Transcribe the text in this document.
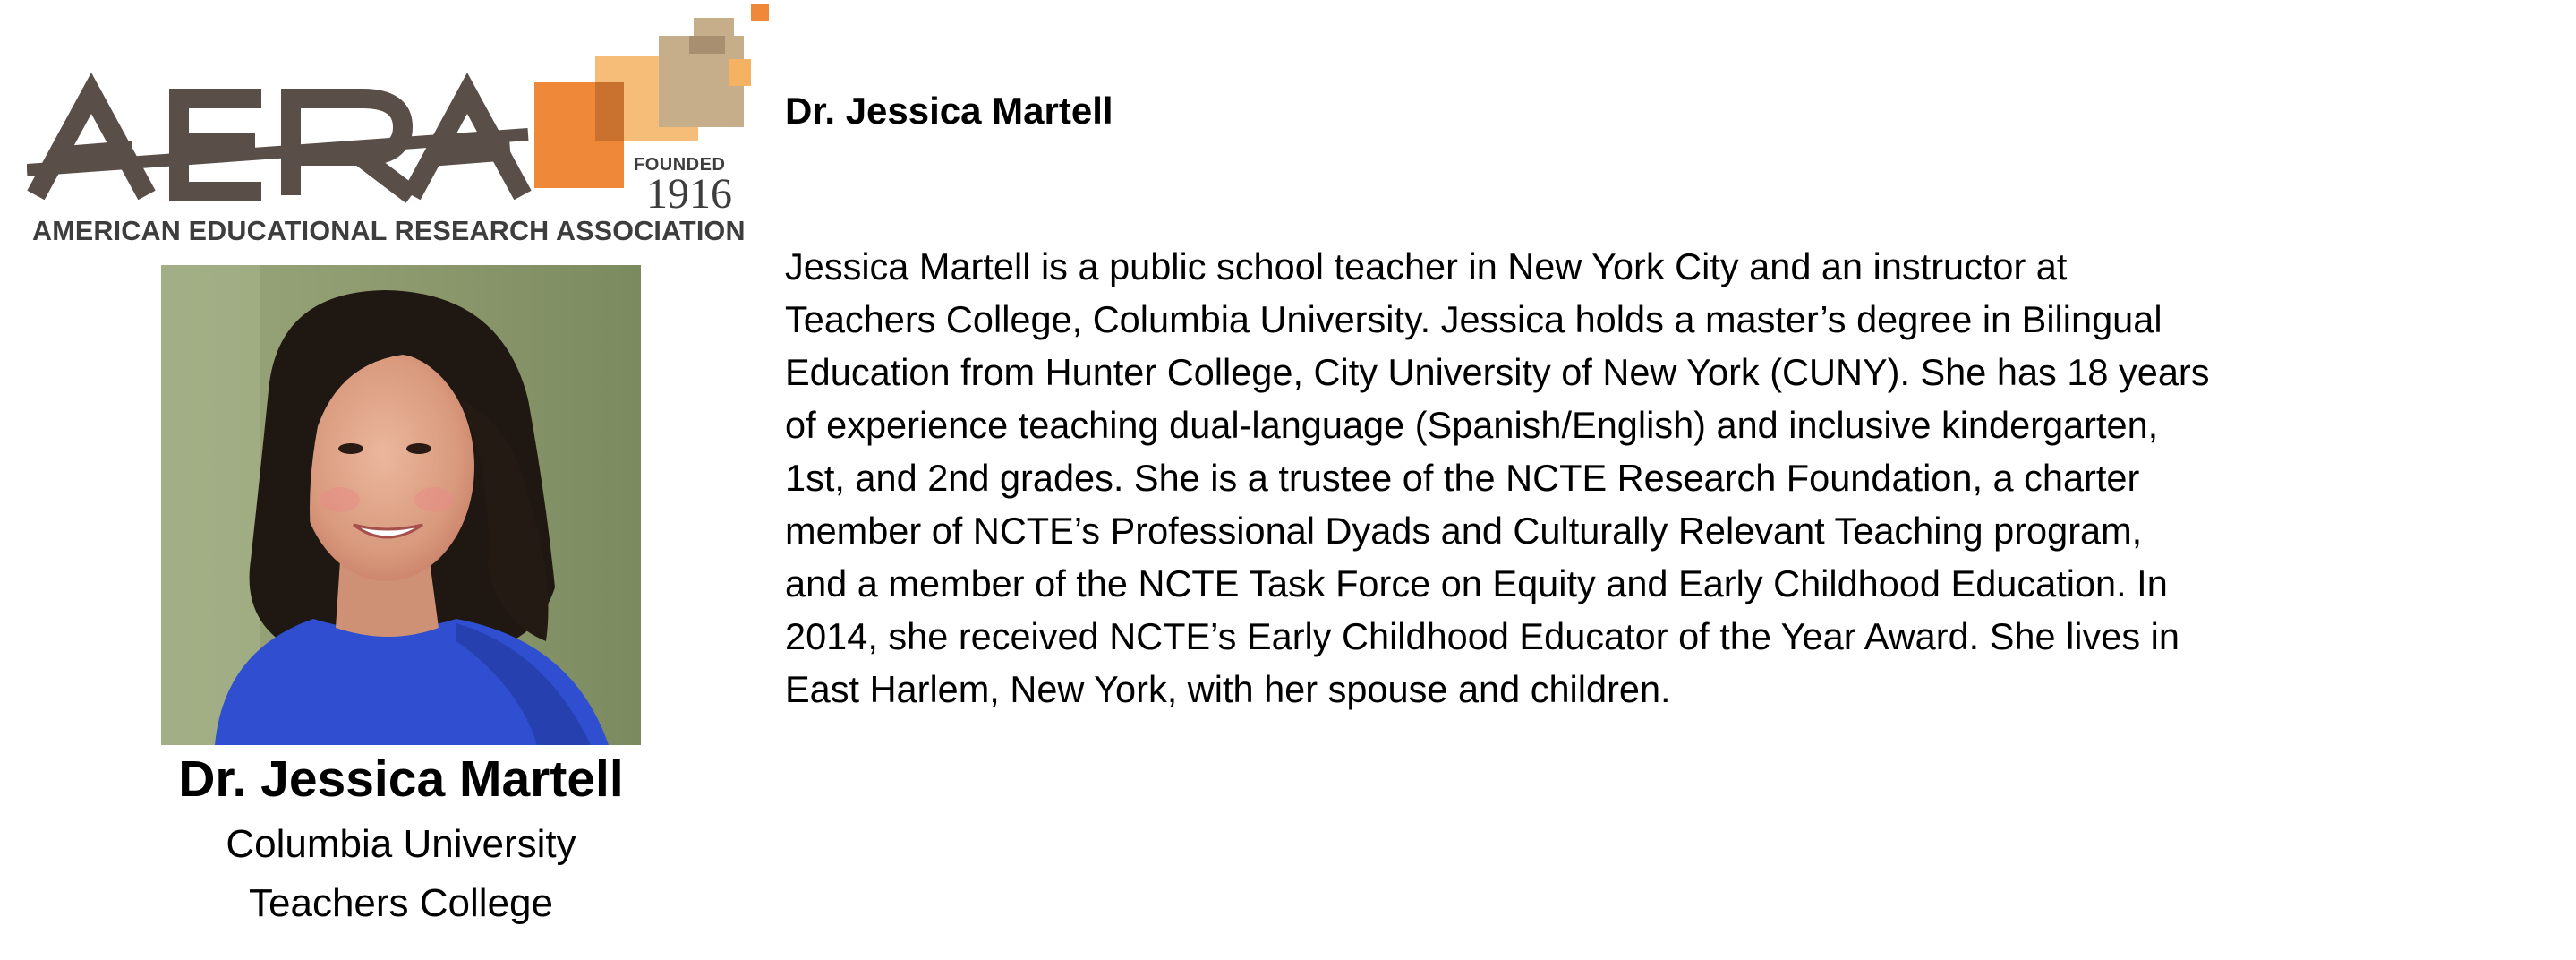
FOUNDED
1916
AMERICAN EDUCATIONAL RESEARCH ASSOCIATION

Dr. Jessica Martell

Columbia University

Teachers College

Dr. Jessica Martell

Jessica Martell is a public school teacher in New York City and an instructor at
Teachers College, Columbia University. Jessica holds a master’s degree in Bilingual
Education from Hunter College, City University of New York (CUNY). She has 18 years
of experience teaching dual-language (Spanish/English) and inclusive kindergarten,
1st, and 2nd grades. She is a trustee of the NCTE Research Foundation, a charter
member of NCTE’s Professional Dyads and Culturally Relevant Teaching program,
and a member of the NCTE Task Force on Equity and Early Childhood Education. In
2014, she received NCTE’s Early Childhood Educator of the Year Award. She lives in
East Harlem, New York, with her spouse and children.
